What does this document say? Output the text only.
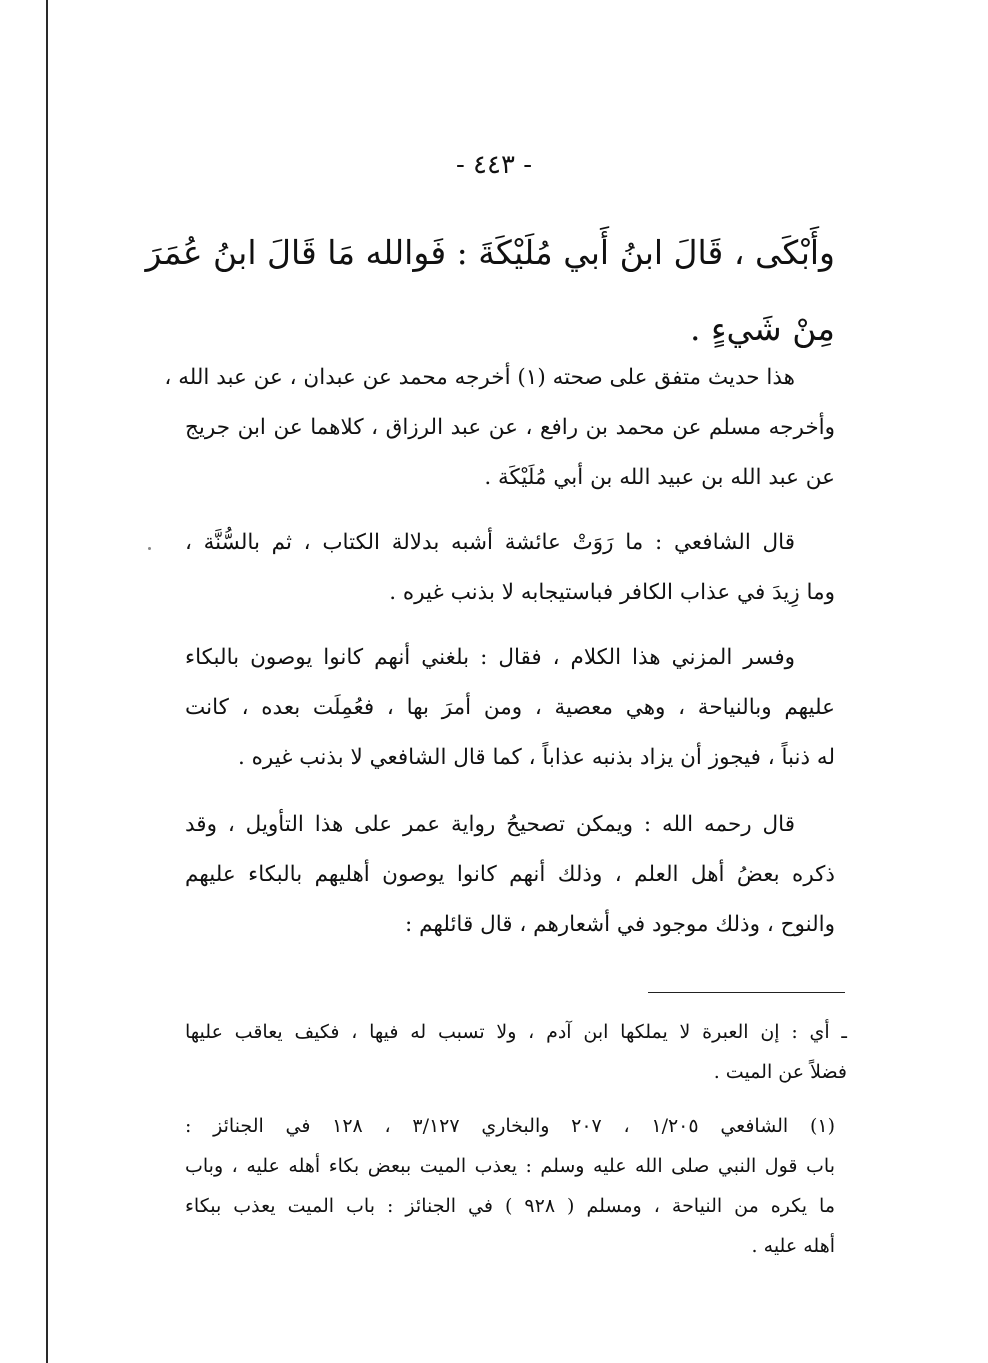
- ٤٤٣ -
وأَبْكَى ، قَالَ ابنُ أَبي مُلَيْكَةَ : فَوالله مَا قَالَ ابنُ عُمَرَ
مِنْ شَيءٍ .
هذا حديث متفق على صحته (١) أخرجه محمد عن عبدان ، عن عبد الله ،
وأخرجه مسلم عن محمد بن رافع ، عن عبد الرزاق ، كلاهما عن ابن جريج
عن عبد الله بن عبيد الله بن أبي مُلَيْكَة .
قال الشافعي : ما رَوَتْ عائشة أشبه بدلالة الكتاب ، ثم بالسُّنَّة ،
وما زِيدَ في عذاب الكافر فباستيجابه لا بذنب غيره .
وفسر المزني هذا الكلام ، فقال : بلغني أنهم كانوا يوصون بالبكاء
عليهم وبالنياحة ، وهي معصية ، ومن أمرَ بها ، فعُمِلَت بعده ، كانت
له ذنباً ، فيجوز أن يزاد بذنبه عذاباً ، كما قال الشافعي لا بذنب غيره .
قال رحمه الله : ويمكن تصحيحُ رواية عمر على هذا التأويل ، وقد
ذكره بعضُ أهل العلم ، وذلك أنهم كانوا يوصون أهليهم بالبكاء عليهم
والنوح ، وذلك موجود في أشعارهم ، قال قائلهم :
ـ أي : إن العبرة لا يملكها ابن آدم ، ولا تسبب له فيها ، فكيف يعاقب عليها
فضلاً عن الميت .
(١) الشافعي ١/٢٠٥ ، ٢٠٧ والبخاري ٣/١٢٧ ، ١٢٨ في الجنائز :
باب قول النبي صلى الله عليه وسلم : يعذب الميت ببعض بكاء أهله عليه ، وباب
ما يكره من النياحة ، ومسلم ( ٩٢٨ ) في الجنائز : باب الميت يعذب ببكاء
أهله عليه .
